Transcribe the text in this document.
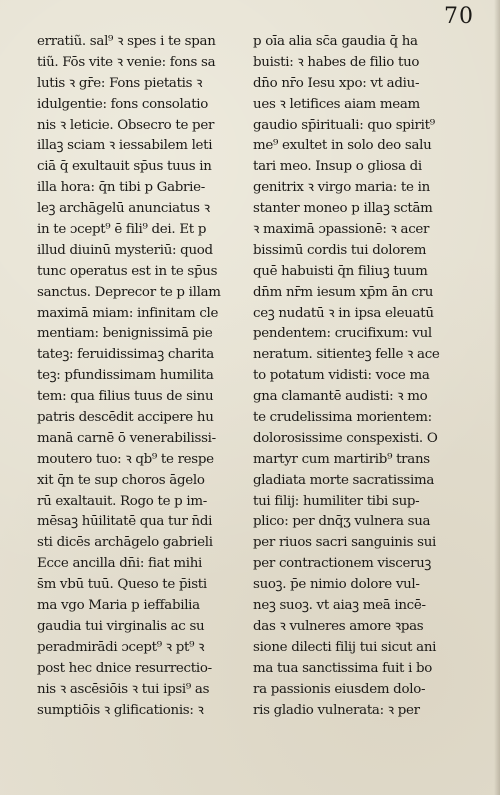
70
erratiũ. sal⁹ ꝛ spes i te span
tiũ. Fōs vite ꝛ venie: fons sa
lutis ꝛ gr̄e: Fons pietatis ꝛ
idulgentie: fons consolatio
nis ꝛ leticie. Obsecro te per
illaꝫ sciam ꝛ iessabilem leti
ciā q̄ exultauit sp̄us tuus in
illa hora: q̄n tibi p Gabrie-
leꝫ archāgelū anunciatus ꝛ
in te ɔcept⁹ ē fili⁹ dei. Et p
illud diuinū mysteriū: quod
tunc operatus est in te sp̄us
sanctus. Deprecor te p illam
maximā miam: infinitam cle
mentiam: benignissimā pie
tateꝫ: feruidissimaꝫ charita
teꝫ: pfundissimam humilita
tem: qua filius tuus de sinu
patris descēdit accipere hu
manā carnē ō venerabilissi-
moutero tuo: ꝛ qb⁹ te respe
xit q̄n te sup choros āgelo
rū exaltauit. Rogo te p im-
mēsaꝫ hūilitatē qua tur n̄di
sti dicēs archāgelo gabrieli
Ecce ancilla dn̄i: fiat mihi
s̄m vbū tuū. Queso te p̄isti
ma vgo Maria p ieffabilia
gaudia tui virginalis ac su
peradmirādi ɔcept⁹ ꝛ pt⁹ ꝛ
post hec dnice resurrectio-
nis ꝛ ascēsiōis ꝛ tui ipsi⁹ as
sumptiōis ꝛ glificationis: ꝛ
p oīa alia sc̄a gaudia q̄ ha
buisti: ꝛ habes de filio tuo
dn̄o nr̄o Iesu xpo: vt adiu-
ues ꝛ letifices aiam meam
gaudio sp̄irituali: quo spirit⁹
me⁹ exultet in solo deo salu
tari meo. Insup o gliosa di
genitrix ꝛ virgo maria: te in
stanter moneo p illaꝫ sctām
ꝛ maximā ɔpassionē: ꝛ acer
bissimū cordis tui dolorem
quē habuisti q̄n filiuꝫ tuum
dn̄m nr̄m iesum xp̄m ān cru
ceꝫ nudatū ꝛ in ipsa eleuatū
pendentem: crucifixum: vul
neratum. sitienteꝫ felle ꝛ ace
to potatum vidisti: voce ma
gna clamantē audisti: ꝛ mo
te crudelissima morientem:
dolorosissime conspexisti. O
martyr cum martirib⁹ trans
gladiata morte sacratissima
tui filij: humiliter tibi sup-
plico: per dnq̄ʒ vulnera sua
per riuos sacri sanguinis sui
per contractionem visceruꝫ
suoꝫ. p̄e nimio dolore vul-
neꝫ suoꝫ. vt aiaꝫ meā incē-
das ꝛ vulneres amore ꝛpas
sione dilecti filij tui sicut ani
ma tua sanctissima fuit i bo
ra passionis eiusdem dolo-
ris gladio vulnerata: ꝛ per
